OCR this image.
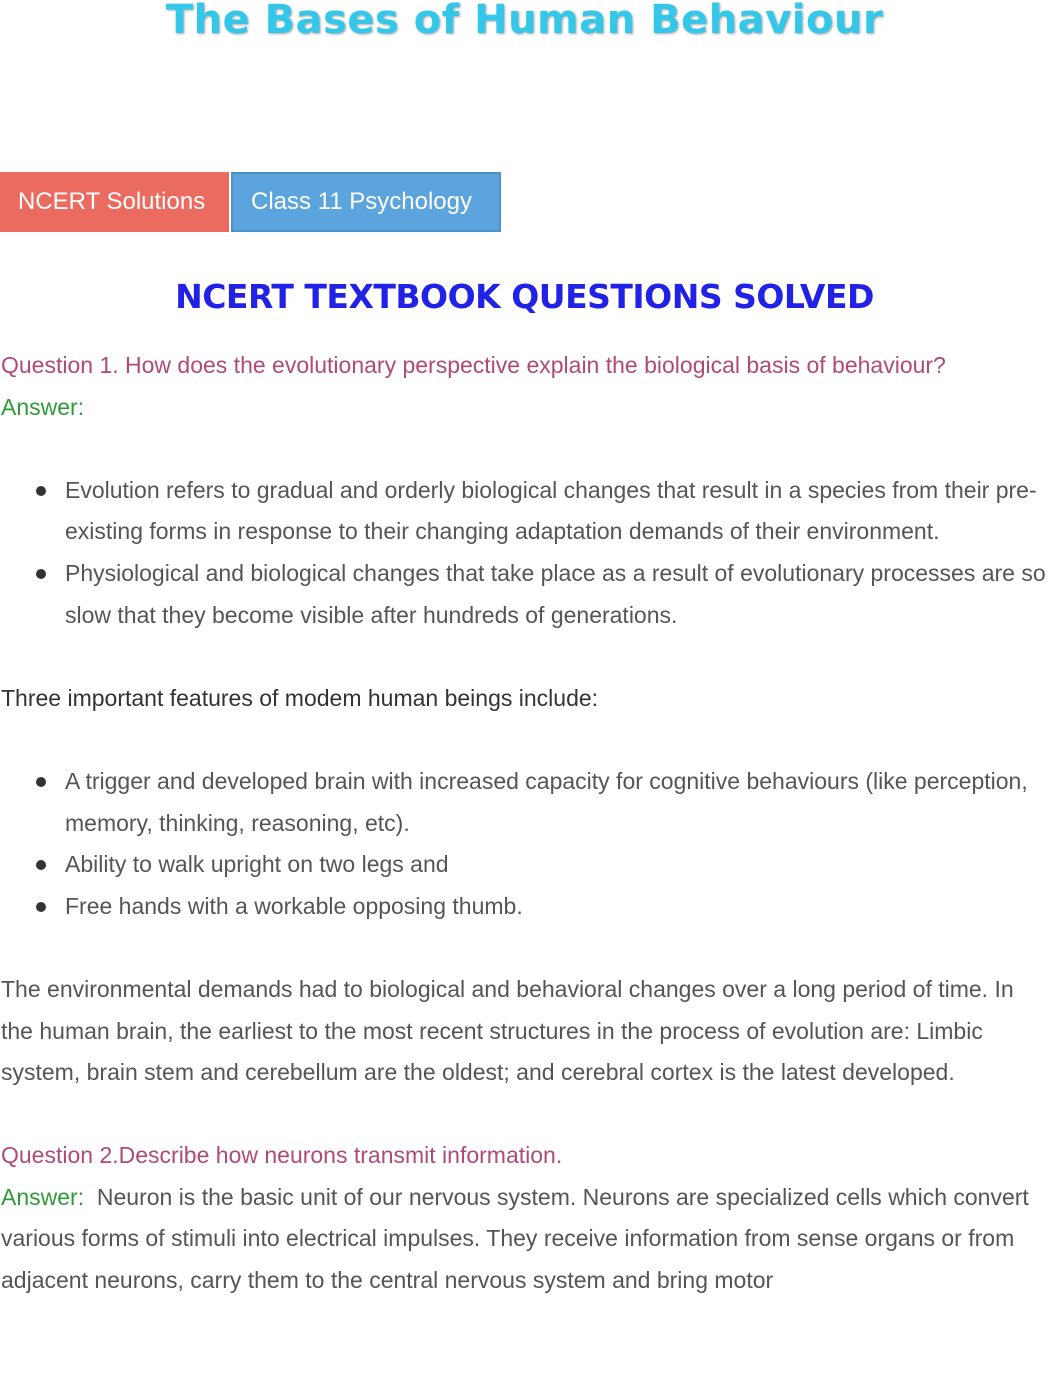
The Bases of Human Behaviour
NCERT Solutions	Class 11 Psychology
NCERT TEXTBOOK QUESTIONS SOLVED

Question 1. How does the evolutionary perspective explain the biological basis of behaviour?

Answer:

Evolution refers to gradual and orderly biological changes that result in a species from their pre-existing forms in response to their changing adaptation demands of their environment.
Physiological and biological changes that take place as a result of evolutionary processes are so slow that they become visible after hundreds of generations.

Three important features of modem human beings include:

A trigger and developed brain with increased capacity for cognitive behaviours (like perception, memory, thinking, reasoning, etc).
Ability to walk upright on two legs and
Free hands with a workable opposing thumb.

The environmental demands had to biological and behavioral changes over a long period of time. In the human brain, the earliest to the most recent structures in the process of evolution are: Limbic system, brain stem and cerebellum are the oldest; and cerebral cortex is the latest developed.

Question 2.Describe how neurons transmit information.

Answer: Neuron is the basic unit of our nervous system. Neurons are specialized cells which convert various forms of stimuli into electrical impulses. They receive information from sense organs or from adjacent neurons, carry them to the central nervous system and bring motor
